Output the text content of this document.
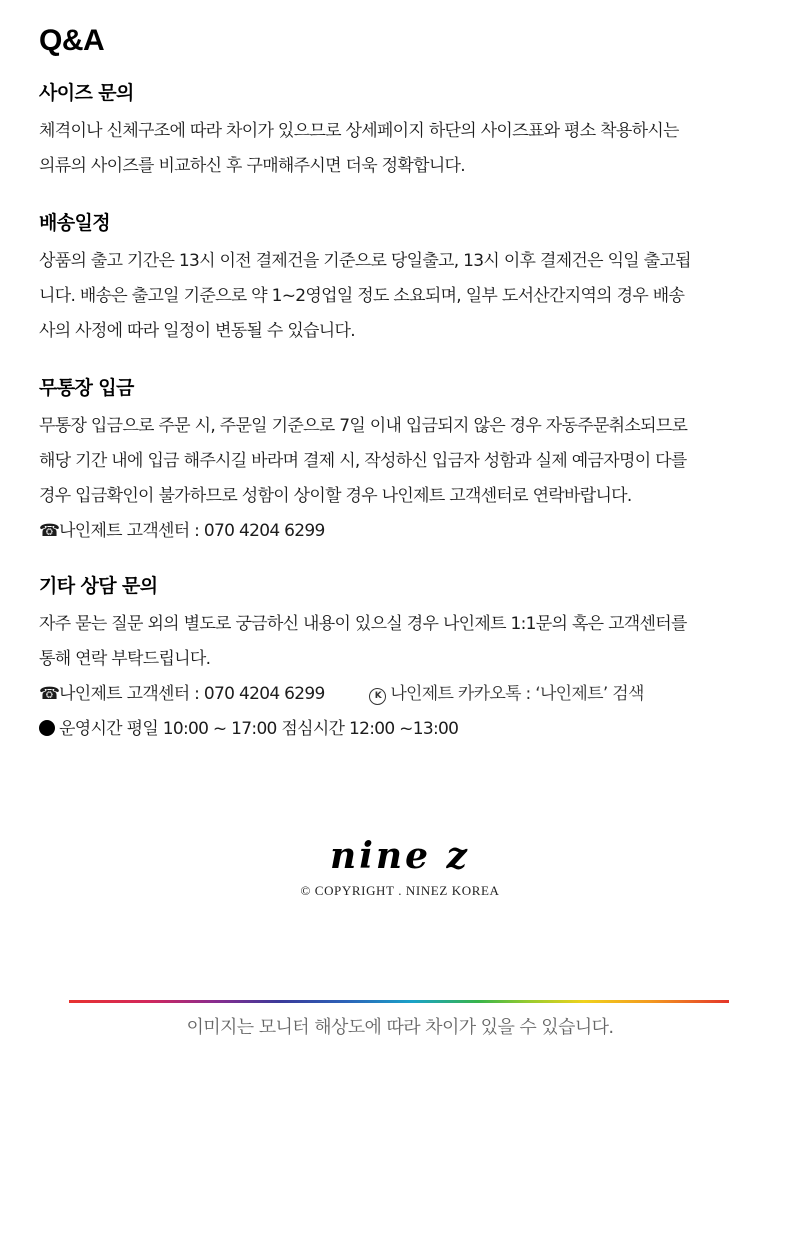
Q&A
사이즈 문의
체격이나 신체구조에 따라 차이가 있으므로 상세페이지 하단의 사이즈표와 평소 착용하시는
의류의 사이즈를 비교하신 후 구매해주시면 더욱 정확합니다.
배송일정
상품의 출고 기간은 13시 이전 결제건을 기준으로 당일출고, 13시 이후 결제건은 익일 출고됩
니다. 배송은 출고일 기준으로 약 1~2영업일 정도 소요되며, 일부 도서산간지역의 경우 배송
사의 사정에 따라 일정이 변동될 수 있습니다.
무통장 입금
무통장 입금으로 주문 시, 주문일 기준으로 7일 이내 입금되지 않은 경우 자동주문취소되므로
해당 기간 내에 입금 해주시길 바라며 결제 시, 작성하신 입금자 성함과 실제 예금자명이 다를
경우 입금확인이 불가하므로 성함이 상이할 경우 나인제트 고객센터로 연락바랍니다.
☎나인제트 고객센터 : 070 4204 6299
기타 상담 문의
자주 묻는 질문 외의 별도로 궁금하신 내용이 있으실 경우 나인제트 1:1문의 혹은 고객센터를
통해 연락 부탁드립니다.
☎나인제트 고객센터 : 070 4204 6299	K 나인제트 카카오톡 : ‘나인제트’ 검색
운영시간 평일 10:00 ~ 17:00 점심시간 12:00 ~13:00
nine z
© COPYRIGHT . NINEZ KOREA
이미지는 모니터 해상도에 따라 차이가 있을 수 있습니다.
